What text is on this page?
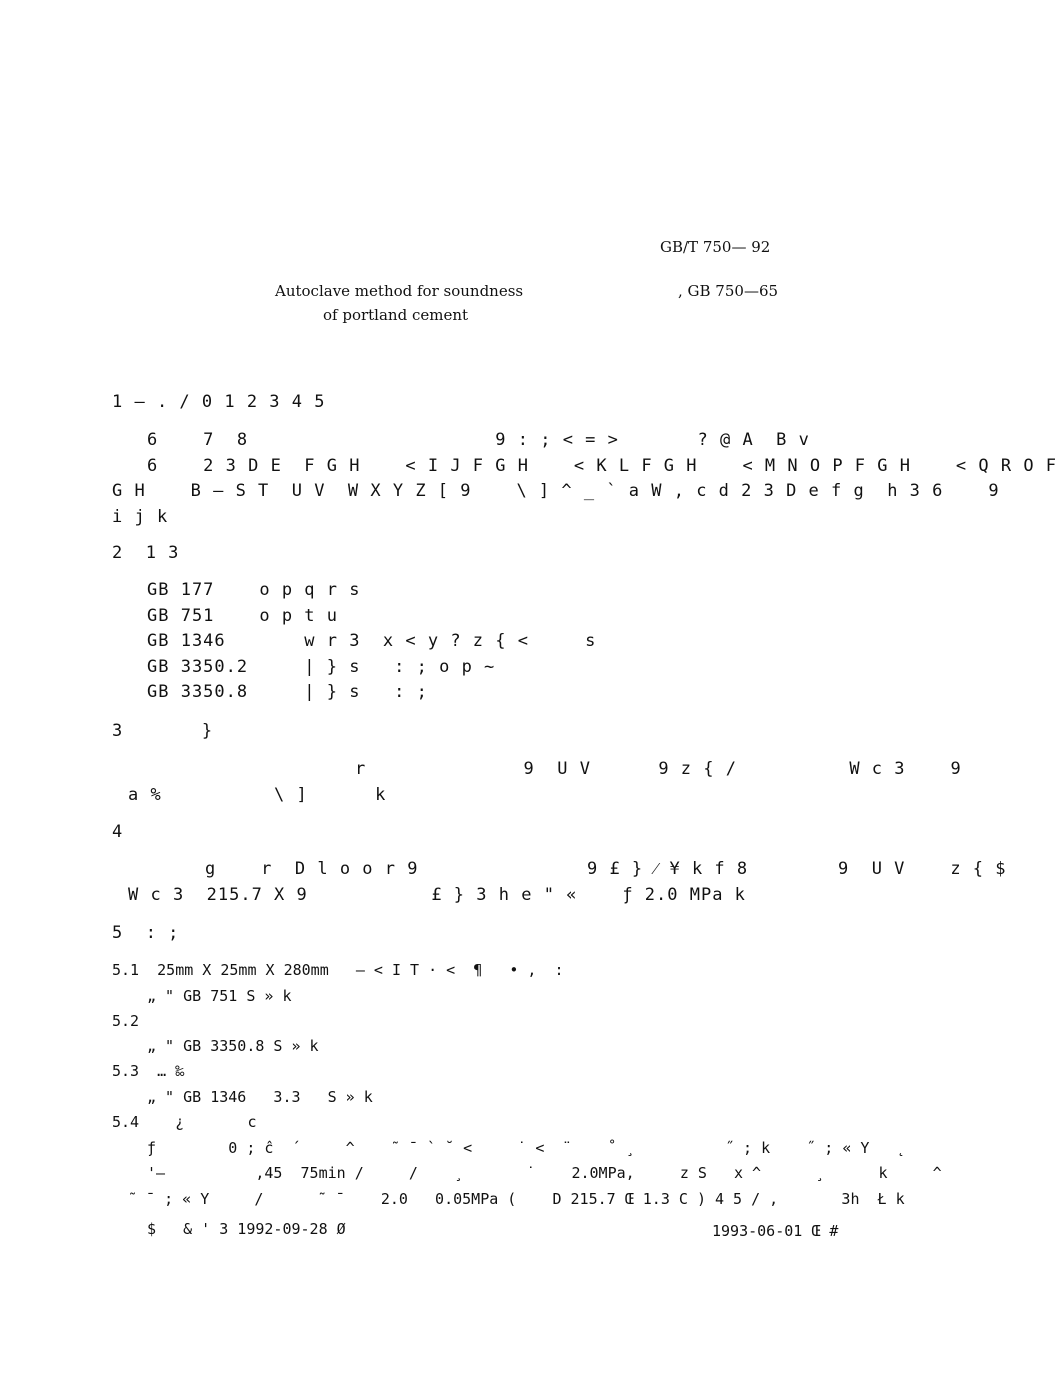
GB/T 750— 92
Autoclave method for soundness
of portland cement
, GB 750—65
1 — . / 0 1 2 3 4 5
6    7  8                      9 : ; < = >       ? @ A  B v
6    2 3 D E  F G H    < I J F G H    < K L F G H    < M N O P F G H    < Q R O F
G H    B — S T  U V  W X Y Z [ 9    \ ] ^ _ ` a W , c d 2 3 D e f g  h 3 6    9
i j k
2  1 3
GB 177    o p q r s
GB 751    o p t u
GB 1346       w r 3  x < y ? z { <     s
GB 3350.2     | } s   : ; o p ~
GB 3350.8     | } s   : ;
3       }
r              9  U V      9 z { /          W c 3    9
a %          \ ]      k
4
g    r  D l o o r 9               9 £ } ⁄ ¥ k f 8        9  U V    z { $
W c 3  215.7 X 9           £ } 3 h e " «    ƒ 2.0 MPa k
5  : ;
5.1  25mm X 25mm X 280mm   — < I T · <  ¶   • ,  :
„ " GB 751 S » k
5.2
„ " GB 3350.8 S » k
5.3  … ‰
„ " GB 1346   3.3   S » k
5.4    ¿       c
ƒ        0 ; ĉ  ´     ^    ˜ ¯ ` ˘ <     ˙ <  ¨    ˚ ¸          ˝ ; k    ˝ ; « Y   ˛
'—          ,45  75min /     /    ¸       ˙    2.0MPa,     z S   x ^      ¸      k     ^
˜ ¯ ; « Y     /      ˜ ¯    2.0   0.05MPa (    D 215.7 Œ 1.3 C ) 4 5 / ,       3h  Ł k
$   & ' 3 1992-09-28 Ø	1993-06-01 Œ #
